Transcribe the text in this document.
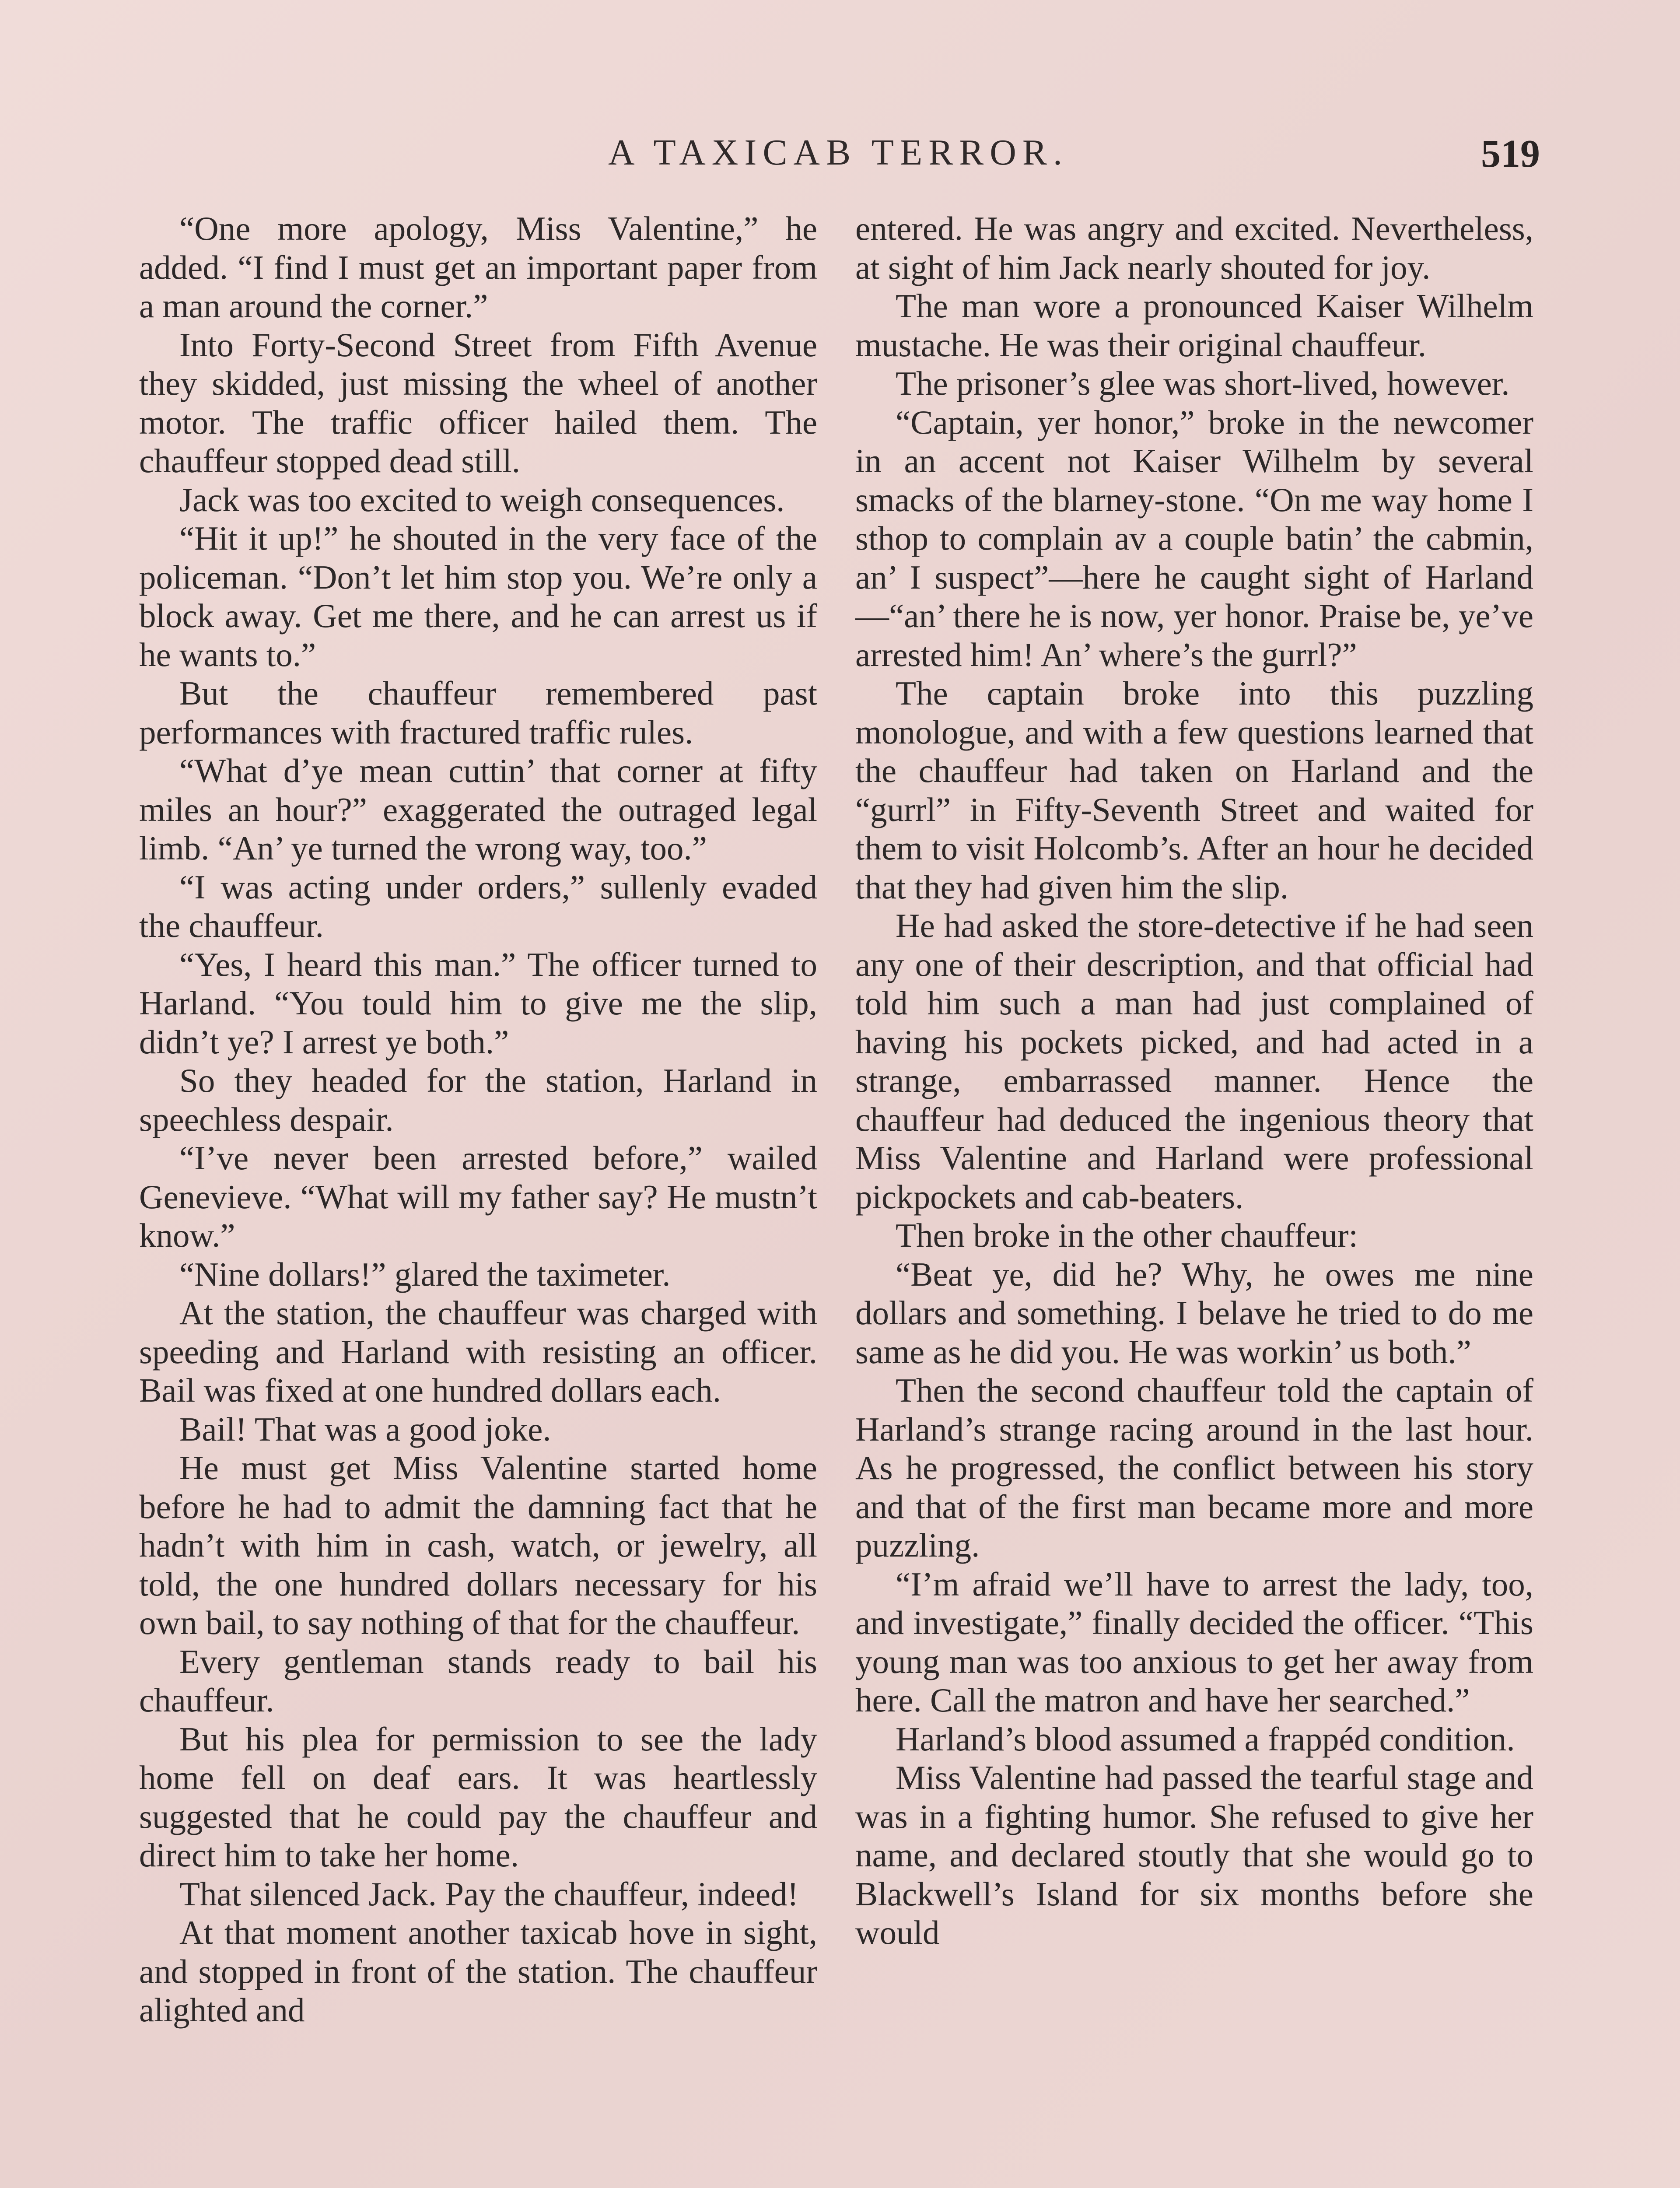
A TAXICAB TERROR.	519

“One more apology, Miss Valentine,” he added. “I find I must get an important paper from a man around the corner.”

Into Forty-Second Street from Fifth Avenue they skidded, just missing the wheel of another motor. The traffic officer hailed them. The chauffeur stopped dead still.

Jack was too excited to weigh consequences.

“Hit it up!” he shouted in the very face of the policeman. “Don’t let him stop you. We’re only a block away. Get me there, and he can arrest us if he wants to.”

But the chauffeur remembered past performances with fractured traffic rules.

“What d’ye mean cuttin’ that corner at fifty miles an hour?” exaggerated the outraged legal limb. “An’ ye turned the wrong way, too.”

“I was acting under orders,” sullenly evaded the chauffeur.

“Yes, I heard this man.” The officer turned to Harland. “You tould him to give me the slip, didn’t ye? I arrest ye both.”

So they headed for the station, Harland in speechless despair.

“I’ve never been arrested before,” wailed Genevieve. “What will my father say? He mustn’t know.”

“Nine dollars!” glared the taximeter.

At the station, the chauffeur was charged with speeding and Harland with resisting an officer. Bail was fixed at one hundred dollars each.

Bail! That was a good joke.

He must get Miss Valentine started home before he had to admit the damning fact that he hadn’t with him in cash, watch, or jewelry, all told, the one hundred dollars necessary for his own bail, to say nothing of that for the chauffeur.

Every gentleman stands ready to bail his chauffeur.

But his plea for permission to see the lady home fell on deaf ears. It was heartlessly suggested that he could pay the chauffeur and direct him to take her home.

That silenced Jack. Pay the chauffeur, indeed!

At that moment another taxicab hove in sight, and stopped in front of the station. The chauffeur alighted and

entered. He was angry and excited. Nevertheless, at sight of him Jack nearly shouted for joy.

The man wore a pronounced Kaiser Wilhelm mustache. He was their original chauffeur.

The prisoner’s glee was short-lived, however.

“Captain, yer honor,” broke in the newcomer in an accent not Kaiser Wilhelm by several smacks of the blarney-stone. “On me way home I sthop to complain av a couple batin’ the cabmin, an’ I suspect”—here he caught sight of Harland—“an’ there he is now, yer honor. Praise be, ye’ve arrested him! An’ where’s the gurrl?”

The captain broke into this puzzling monologue, and with a few questions learned that the chauffeur had taken on Harland and the “gurrl” in Fifty-Seventh Street and waited for them to visit Holcomb’s. After an hour he decided that they had given him the slip.

He had asked the store-detective if he had seen any one of their description, and that official had told him such a man had just complained of having his pockets picked, and had acted in a strange, embarrassed manner. Hence the chauffeur had deduced the ingenious theory that Miss Valentine and Harland were professional pickpockets and cab-beaters.

Then broke in the other chauffeur:

“Beat ye, did he? Why, he owes me nine dollars and something. I belave he tried to do me same as he did you. He was workin’ us both.”

Then the second chauffeur told the captain of Harland’s strange racing around in the last hour. As he progressed, the conflict between his story and that of the first man became more and more puzzling.

“I’m afraid we’ll have to arrest the lady, too, and investigate,” finally decided the officer. “This young man was too anxious to get her away from here. Call the matron and have her searched.”

Harland’s blood assumed a frappéd condition.

Miss Valentine had passed the tearful stage and was in a fighting humor. She refused to give her name, and declared stoutly that she would go to Blackwell’s Island for six months before she would
